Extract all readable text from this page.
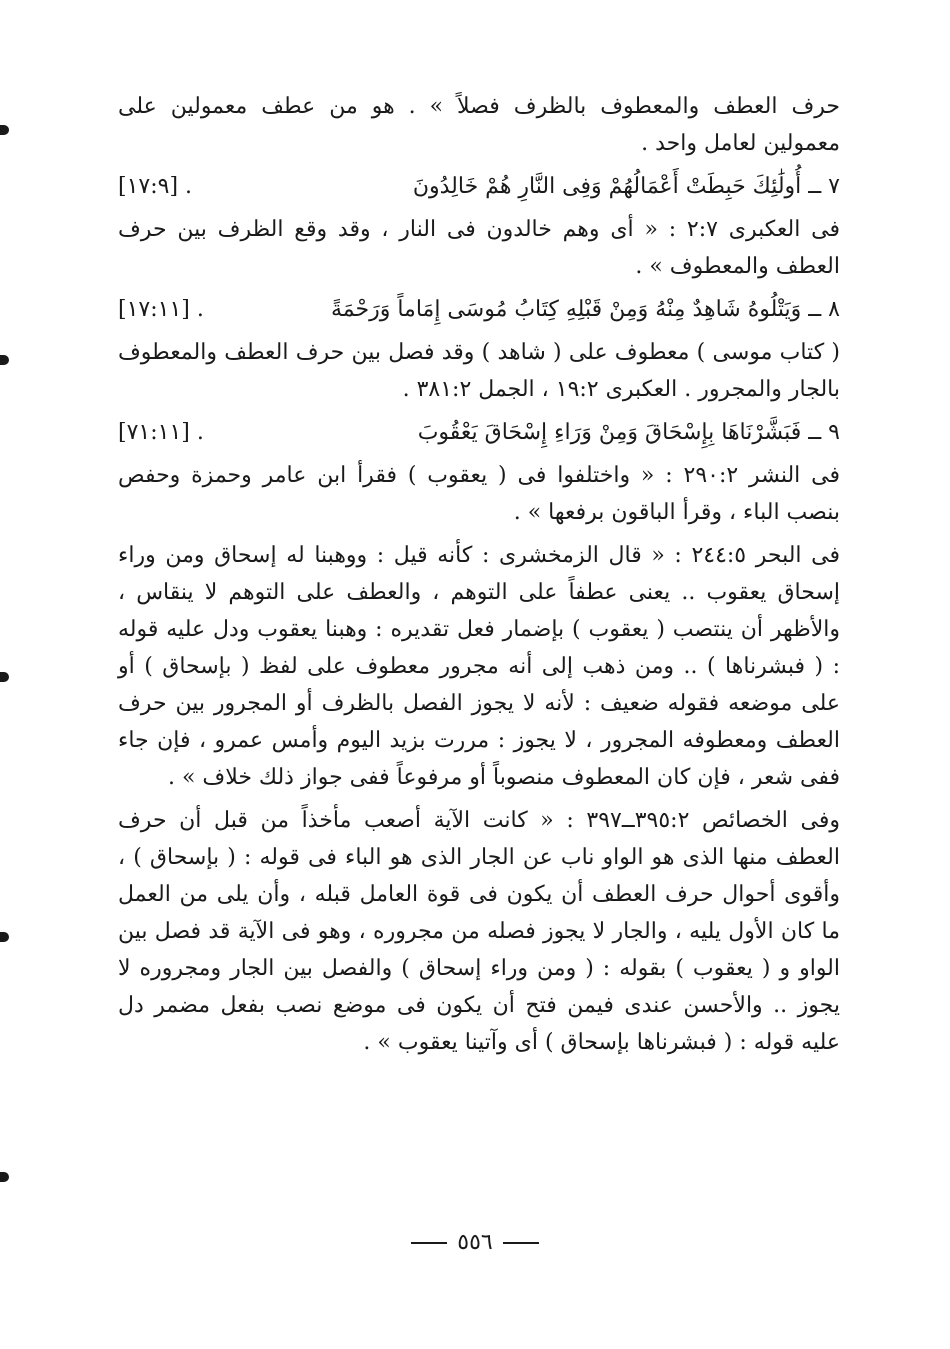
حرف العطف والمعطوف بالظرف فصلاً » . هو من عطف معمولين على معمولين لعامل واحد .

٧ ــ أُولَٰئِكَ حَبِطَتْ أَعْمَالُهُمْ وَفِى النَّارِ هُمْ خَالِدُونَ
[١٧:٩] .

فى العكبرى ٢:٧ : « أى وهم خالدون فى النار ، وقد وقع الظرف بين حرف العطف والمعطوف » .

٨ ــ وَيَتْلُوهُ شَاهِدٌ مِنْهُ وَمِنْ قَبْلِهِ كِتَابُ مُوسَى إِمَاماً وَرَحْمَةً
[١٧:١١] .

( كتاب موسى ) معطوف على ( شاهد ) وقد فصل بين حرف العطف والمعطوف بالجار والمجرور . العكبرى ١٩:٢ ، الجمل ٣٨١:٢ .

٩ ــ فَبَشَّرْنَاهَا بِإِسْحَاقَ وَمِنْ وَرَاءِ إِسْحَاقَ يَعْقُوبَ
[٧١:١١] .

فى النشر ٢٩٠:٢ : « واختلفوا فى ( يعقوب ) فقرأ ابن عامر وحمزة وحفص بنصب الباء ، وقرأ الباقون برفعها » .

فى البحر ٢٤٤:٥ : « قال الزمخشرى : كأنه قيل : ووهبنا له إسحاق ومن وراء إسحاق يعقوب .. يعنى عطفاً على التوهم ، والعطف على التوهم لا ينقاس ، والأظهر أن ينتصب ( يعقوب ) بإضمار فعل تقديره : وهبنا يعقوب ودل عليه قوله : ( فبشرناها ) .. ومن ذهب إلى أنه مجرور معطوف على لفظ ( بإسحاق ) أو على موضعه فقوله ضعيف : لأنه لا يجوز الفصل بالظرف أو المجرور بين حرف العطف ومعطوفه المجرور ، لا يجوز : مررت بزيد اليوم وأمس عمرو ، فإن جاء ففى شعر ، فإن كان المعطوف منصوباً أو مرفوعاً ففى جواز ذلك خلاف » .

وفى الخصائص ٣٩٥:٢ــ٣٩٧ : « كانت الآية أصعب مأخذاً من قبل أن حرف العطف منها الذى هو الواو ناب عن الجار الذى هو الباء فى قوله : ( بإسحاق ) ، وأقوى أحوال حرف العطف أن يكون فى قوة العامل قبله ، وأن يلى من العمل ما كان الأول يليه ، والجار لا يجوز فصله من مجروره ، وهو فى الآية قد فصل بين الواو و ( يعقوب ) بقوله : ( ومن وراء إسحاق ) والفصل بين الجار ومجروره لا يجوز .. والأحسن عندى فيمن فتح أن يكون فى موضع نصب بفعل مضمر دل عليه قوله : ( فبشرناها بإسحاق ) أى وآتينا يعقوب » .

٥٥٦
